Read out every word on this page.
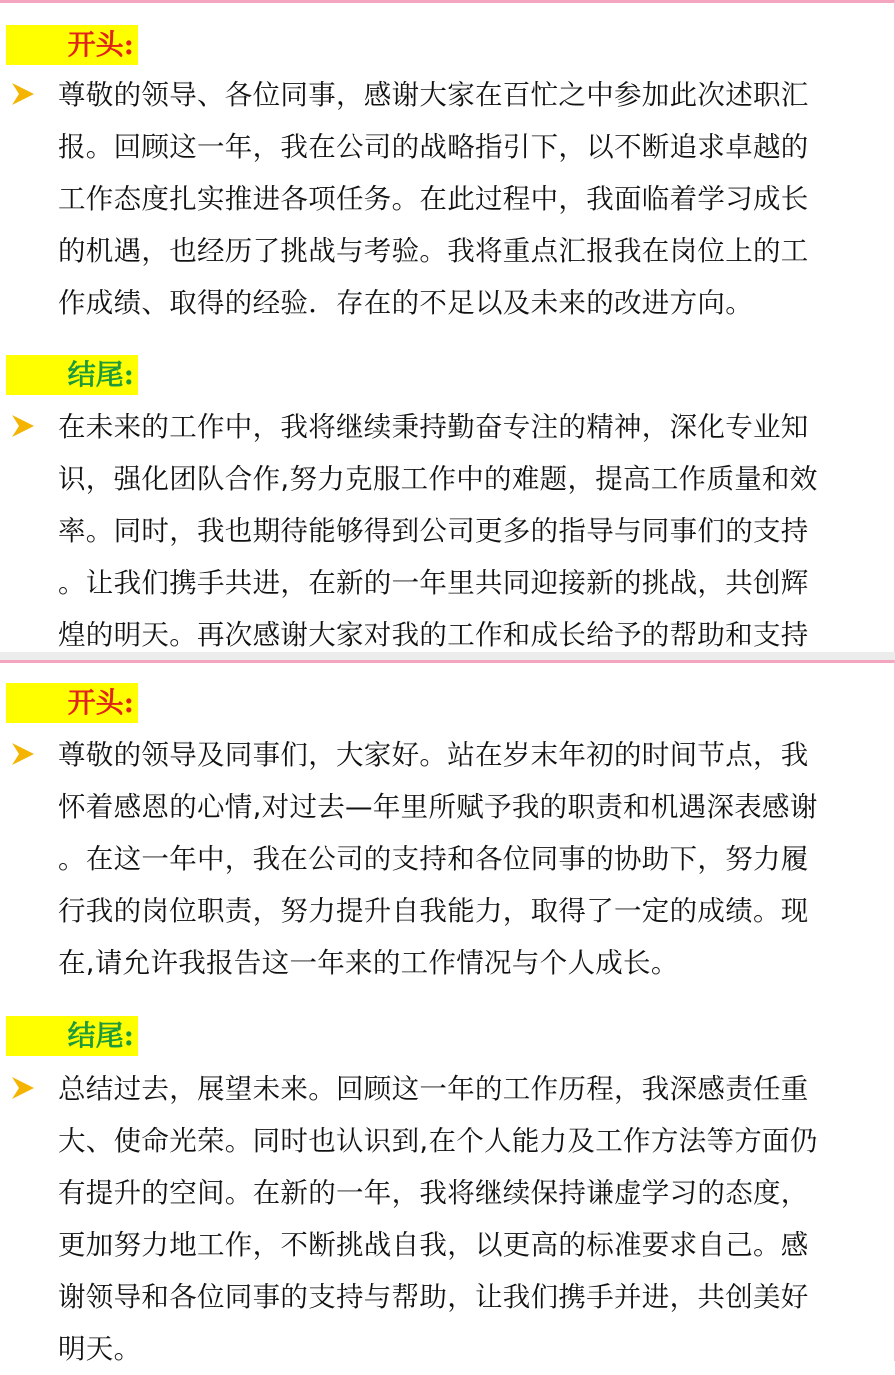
开头:

尊敬的领导、各位同事，感谢大家在百忙之中参加此次述职汇
报。回顾这一年，我在公司的战略指引下，以不断追求卓越的
工作态度扎实推进各项任务。在此过程中，我面临着学习成长
的机遇，也经历了挑战与考验。我将重点汇报我在岗位上的工
作成绩、取得的经验．存在的不足以及未来的改进方向。

结尾:

在未来的工作中，我将继续秉持勤奋专注的精神，深化专业知
识，强化团队合作,努力克服工作中的难题，提高工作质量和效
率。同时，我也期待能够得到公司更多的指导与同事们的支持
。让我们携手共进，在新的一年里共同迎接新的挑战，共创辉
煌的明天。再次感谢大家对我的工作和成长给予的帮助和支持

开头:

尊敬的领导及同事们，大家好。站在岁末年初的时间节点，我
怀着感恩的心情,对过去—年里所赋予我的职责和机遇深表感谢
。在这一年中，我在公司的支持和各位同事的协助下，努力履
行我的岗位职责，努力提升自我能力，取得了一定的成绩。现
在,请允许我报告这一年来的工作情况与个人成长。

结尾:

总结过去，展望未来。回顾这一年的工作历程，我深感责任重
大、使命光荣。同时也认识到,在个人能力及工作方法等方面仍
有提升的空间。在新的一年，我将继续保持谦虚学习的态度，
更加努力地工作，不断挑战自我，以更高的标准要求自己。感
谢领导和各位同事的支持与帮助，让我们携手并进，共创美好
明天。
